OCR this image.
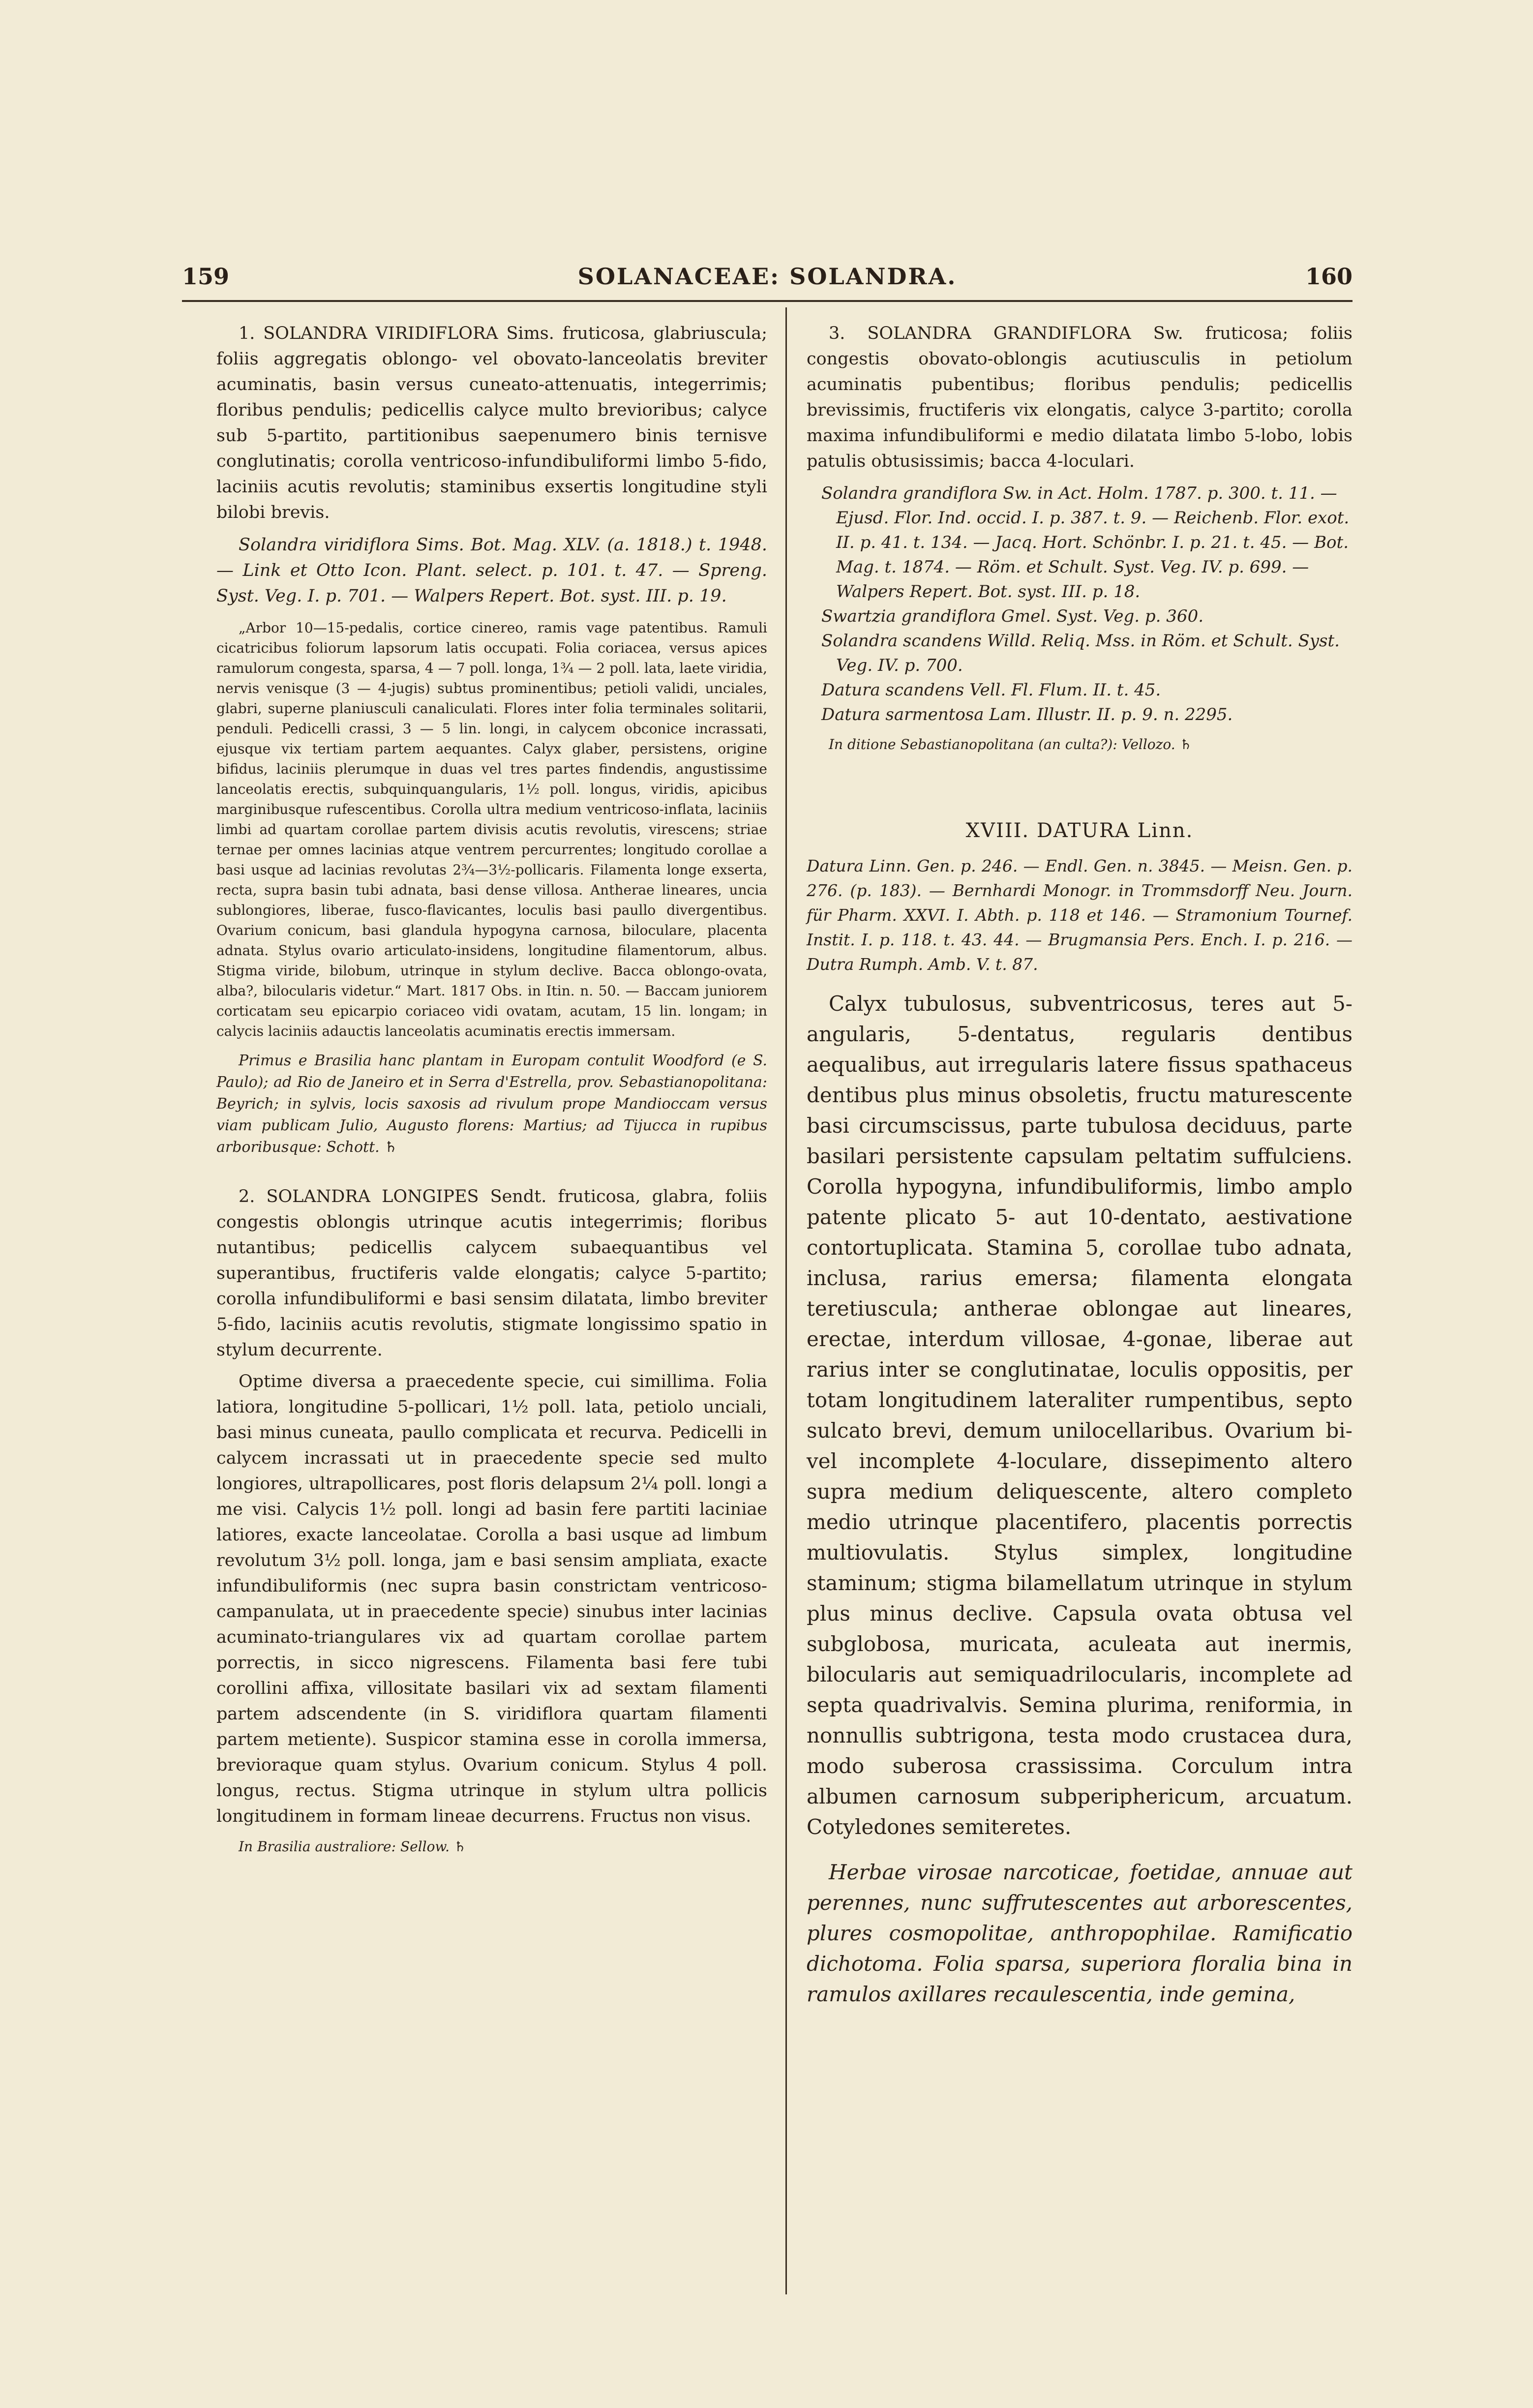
159	SOLANACEAE: SOLANDRA.	160

1. SOLANDRA VIRIDIFLORA Sims. fruticosa, glabriuscula; foliis aggregatis oblongo- vel obovato-lanceolatis breviter acuminatis, basin versus cuneato-attenuatis, integerrimis; floribus pendulis; pedicellis calyce multo brevioribus; calyce sub 5-partito, partitionibus saepenumero binis ternisve conglutinatis; corolla ventricoso-infundibuliformi limbo 5-fido, laciniis acutis revolutis; staminibus exsertis longitudine styli bilobi brevis.

Solandra viridiflora Sims. Bot. Mag. XLV. (a. 1818.) t. 1948. — Link et Otto Icon. Plant. select. p. 101. t. 47. — Spreng. Syst. Veg. I. p. 701. — Walpers Repert. Bot. syst. III. p. 19.

„Arbor 10—15-pedalis, cortice cinereo, ramis vage patentibus. Ramuli cicatricibus foliorum lapsorum latis occupati. Folia coriacea, versus apices ramulorum congesta, sparsa, 4 — 7 poll. longa, 1¾ — 2 poll. lata, laete viridia, nervis venisque (3 — 4-jugis) subtus prominentibus; petioli validi, unciales, glabri, superne planiusculi canaliculati. Flores inter folia terminales solitarii, penduli. Pedicelli crassi, 3 — 5 lin. longi, in calycem obconice incrassati, ejusque vix tertiam partem aequantes. Calyx glaber, persistens, origine bifidus, laciniis plerumque in duas vel tres partes findendis, angustissime lanceolatis erectis, subquinquangularis, 1½ poll. longus, viridis, apicibus marginibusque rufescentibus. Corolla ultra medium ventricoso-inflata, laciniis limbi ad quartam corollae partem divisis acutis revolutis, virescens; striae ternae per omnes lacinias atque ventrem percurrentes; longitudo corollae a basi usque ad lacinias revolutas 2¾—3½-pollicaris. Filamenta longe exserta, recta, supra basin tubi adnata, basi dense villosa. Antherae lineares, uncia sublongiores, liberae, fusco-flavicantes, loculis basi paullo divergentibus. Ovarium conicum, basi glandula hypogyna carnosa, biloculare, placenta adnata. Stylus ovario articulato-insidens, longitudine filamentorum, albus. Stigma viride, bilobum, utrinque in stylum declive. Bacca oblongo-ovata, alba?, bilocularis videtur.“ Mart. 1817 Obs. in Itin. n. 50. — Baccam juniorem corticatam seu epicarpio coriaceo vidi ovatam, acutam, 15 lin. longam; in calycis laciniis adauctis lanceolatis acuminatis erectis immersam.

Primus e Brasilia hanc plantam in Europam contulit Woodford (e S. Paulo); ad Rio de Janeiro et in Serra d'Estrella, prov. Sebastianopolitana: Beyrich; in sylvis, locis saxosis ad rivulum prope Mandioccam versus viam publicam Julio, Augusto florens: Martius; ad Tijucca in rupibus arboribusque: Schott. ♄

2. SOLANDRA LONGIPES Sendt. fruticosa, glabra, foliis congestis oblongis utrinque acutis integerrimis; floribus nutantibus; pedicellis calycem subaequantibus vel superantibus, fructiferis valde elongatis; calyce 5-partito; corolla infundibuliformi e basi sensim dilatata, limbo breviter 5-fido, laciniis acutis revolutis, stigmate longissimo spatio in stylum decurrente.

Optime diversa a praecedente specie, cui simillima. Folia latiora, longitudine 5-pollicari, 1½ poll. lata, petiolo unciali, basi minus cuneata, paullo complicata et recurva. Pedicelli in calycem incrassati ut in praecedente specie sed multo longiores, ultrapollicares, post floris delapsum 2¼ poll. longi a me visi. Calycis 1½ poll. longi ad basin fere partiti laciniae latiores, exacte lanceolatae. Corolla a basi usque ad limbum revolutum 3½ poll. longa, jam e basi sensim ampliata, exacte infundibuliformis (nec supra basin constrictam ventricoso-campanulata, ut in praecedente specie) sinubus inter lacinias acuminato-triangulares vix ad quartam corollae partem porrectis, in sicco nigrescens. Filamenta basi fere tubi corollini affixa, villositate basilari vix ad sextam filamenti partem adscendente (in S. viridiflora quartam filamenti partem metiente). Suspicor stamina esse in corolla immersa, brevioraque quam stylus. Ovarium conicum. Stylus 4 poll. longus, rectus. Stigma utrinque in stylum ultra pollicis longitudinem in formam lineae decurrens. Fructus non visus.

In Brasilia australiore: Sellow. ♄

3. SOLANDRA GRANDIFLORA Sw. fruticosa; foliis congestis obovato-oblongis acutiusculis in petiolum acuminatis pubentibus; floribus pendulis; pedicellis brevissimis, fructiferis vix elongatis, calyce 3-partito; corolla maxima infundibuliformi e medio dilatata limbo 5-lobo, lobis patulis obtusissimis; bacca 4-loculari.

Solandra grandiflora Sw. in Act. Holm. 1787. p. 300. t. 11. — Ejusd. Flor. Ind. occid. I. p. 387. t. 9. — Reichenb. Flor. exot. II. p. 41. t. 134. — Jacq. Hort. Schönbr. I. p. 21. t. 45. — Bot. Mag. t. 1874. — Röm. et Schult. Syst. Veg. IV. p. 699. — Walpers Repert. Bot. syst. III. p. 18.

Swartzia grandiflora Gmel. Syst. Veg. p. 360.

Solandra scandens Willd. Reliq. Mss. in Röm. et Schult. Syst. Veg. IV. p. 700.

Datura scandens Vell. Fl. Flum. II. t. 45.

Datura sarmentosa Lam. Illustr. II. p. 9. n. 2295.

In ditione Sebastianopolitana (an culta?): Vellozo. ♄

XVIII. DATURA Linn.

Datura Linn. Gen. p. 246. — Endl. Gen. n. 3845. — Meisn. Gen. p. 276. (p. 183). — Bernhardi Monogr. in Trommsdorff Neu. Journ. für Pharm. XXVI. I. Abth. p. 118 et 146. — Stramonium Tournef. Instit. I. p. 118. t. 43. 44. — Brugmansia Pers. Ench. I. p. 216. — Dutra Rumph. Amb. V. t. 87.

Calyx tubulosus, subventricosus, teres aut 5-angularis, 5-dentatus, regularis dentibus aequalibus, aut irregularis latere fissus spathaceus dentibus plus minus obsoletis, fructu maturescente basi circumscissus, parte tubulosa deciduus, parte basilari persistente capsulam peltatim suffulciens. Corolla hypogyna, infundibuliformis, limbo amplo patente plicato 5- aut 10-dentato, aestivatione contortuplicata. Stamina 5, corollae tubo adnata, inclusa, rarius emersa; filamenta elongata teretiuscula; antherae oblongae aut lineares, erectae, interdum villosae, 4-gonae, liberae aut rarius inter se conglutinatae, loculis oppositis, per totam longitudinem lateraliter rumpentibus, septo sulcato brevi, demum unilocellaribus. Ovarium bi- vel incomplete 4-loculare, dissepimento altero supra medium deliquescente, altero completo medio utrinque placentifero, placentis porrectis multiovulatis. Stylus simplex, longitudine staminum; stigma bilamellatum utrinque in stylum plus minus declive. Capsula ovata obtusa vel subglobosa, muricata, aculeata aut inermis, bilocularis aut semiquadrilocularis, incomplete ad septa quadrivalvis. Semina plurima, reniformia, in nonnullis subtrigona, testa modo crustacea dura, modo suberosa crassissima. Corculum intra albumen carnosum subperiphericum, arcuatum. Cotyledones semiteretes.

Herbae virosae narcoticae, foetidae, annuae aut perennes, nunc suffrutescentes aut arborescentes, plures cosmopolitae, anthropophilae. Ramificatio dichotoma. Folia sparsa, superiora floralia bina in ramulos axillares recaulescentia, inde gemina,
